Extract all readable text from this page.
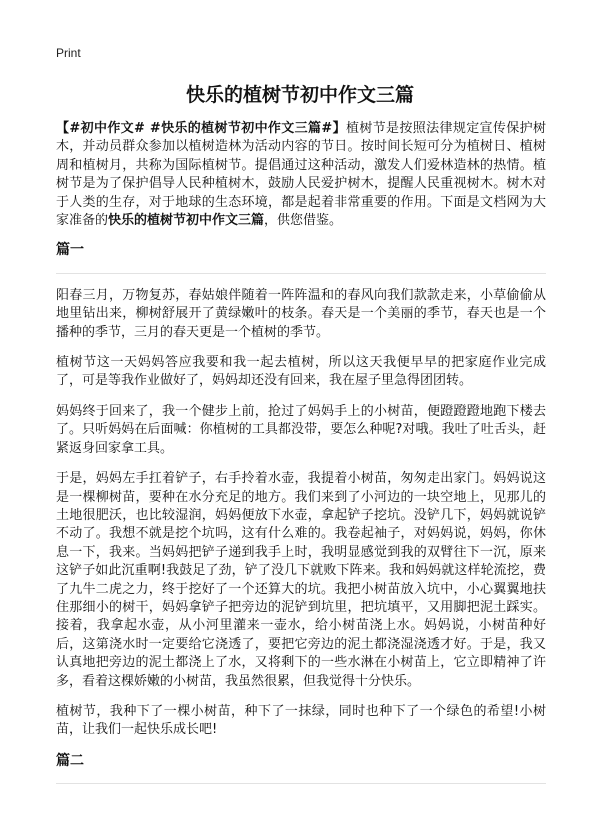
Print
快乐的植树节初中作文三篇

【#初中作文# #快乐的植树节初中作文三篇#】植树节是按照法律规定宣传保护树木，并动员群众参加以植树造林为活动内容的节日。按时间长短可分为植树日、植树周和植树月，共称为国际植树节。提倡通过这种活动，激发人们爱林造林的热情。植树节是为了保护倡导人民种植树木，鼓励人民爱护树木，提醒人民重视树木。树木对于人类的生存，对于地球的生态环境，都是起着非常重要的作用。下面是文档网为大家准备的快乐的植树节初中作文三篇，供您借鉴。

篇一

阳春三月，万物复苏，春姑娘伴随着一阵阵温和的春风向我们款款走来，小草偷偷从地里钻出来，柳树舒展开了黄绿嫩叶的枝条。春天是一个美丽的季节，春天也是一个播种的季节，三月的春天更是一个植树的季节。

植树节这一天妈妈答应我要和我一起去植树，所以这天我便早早的把家庭作业完成了，可是等我作业做好了，妈妈却还没有回来，我在屋子里急得团团转。

妈妈终于回来了，我一个健步上前，抢过了妈妈手上的小树苗，便蹬蹬蹬地跑下楼去了。只听妈妈在后面喊：你植树的工具都没带，要怎么种呢?对哦。我吐了吐舌头，赶紧返身回家拿工具。

于是，妈妈左手扛着铲子，右手拎着水壶，我提着小树苗，匆匆走出家门。妈妈说这是一棵柳树苗，要种在水分充足的地方。我们来到了小河边的一块空地上，见那儿的土地很肥沃，也比较湿润，妈妈便放下水壶，拿起铲子挖坑。没铲几下，妈妈就说铲不动了。我想不就是挖个坑吗，这有什么难的。我卷起袖子，对妈妈说，妈妈，你休息一下，我来。当妈妈把铲子递到我手上时，我明显感觉到我的双臂往下一沉，原来这铲子如此沉重啊!我鼓足了劲，铲了没几下就败下阵来。我和妈妈就这样轮流挖，费了九牛二虎之力，终于挖好了一个还算大的坑。我把小树苗放入坑中，小心翼翼地扶住那细小的树干，妈妈拿铲子把旁边的泥铲到坑里，把坑填平，又用脚把泥土踩实。接着，我拿起水壶，从小河里灌来一壶水，给小树苗浇上水。妈妈说，小树苗种好后，这第浇水时一定要给它浇透了，要把它旁边的泥土都浇湿浇透才好。于是，我又认真地把旁边的泥土都浇上了水，又将剩下的一些水淋在小树苗上，它立即精神了许多，看着这棵娇嫩的小树苗，我虽然很累，但我觉得十分快乐。

植树节，我种下了一棵小树苗，种下了一抹绿，同时也种下了一个绿色的希望!小树苗，让我们一起快乐成长吧!

篇二
